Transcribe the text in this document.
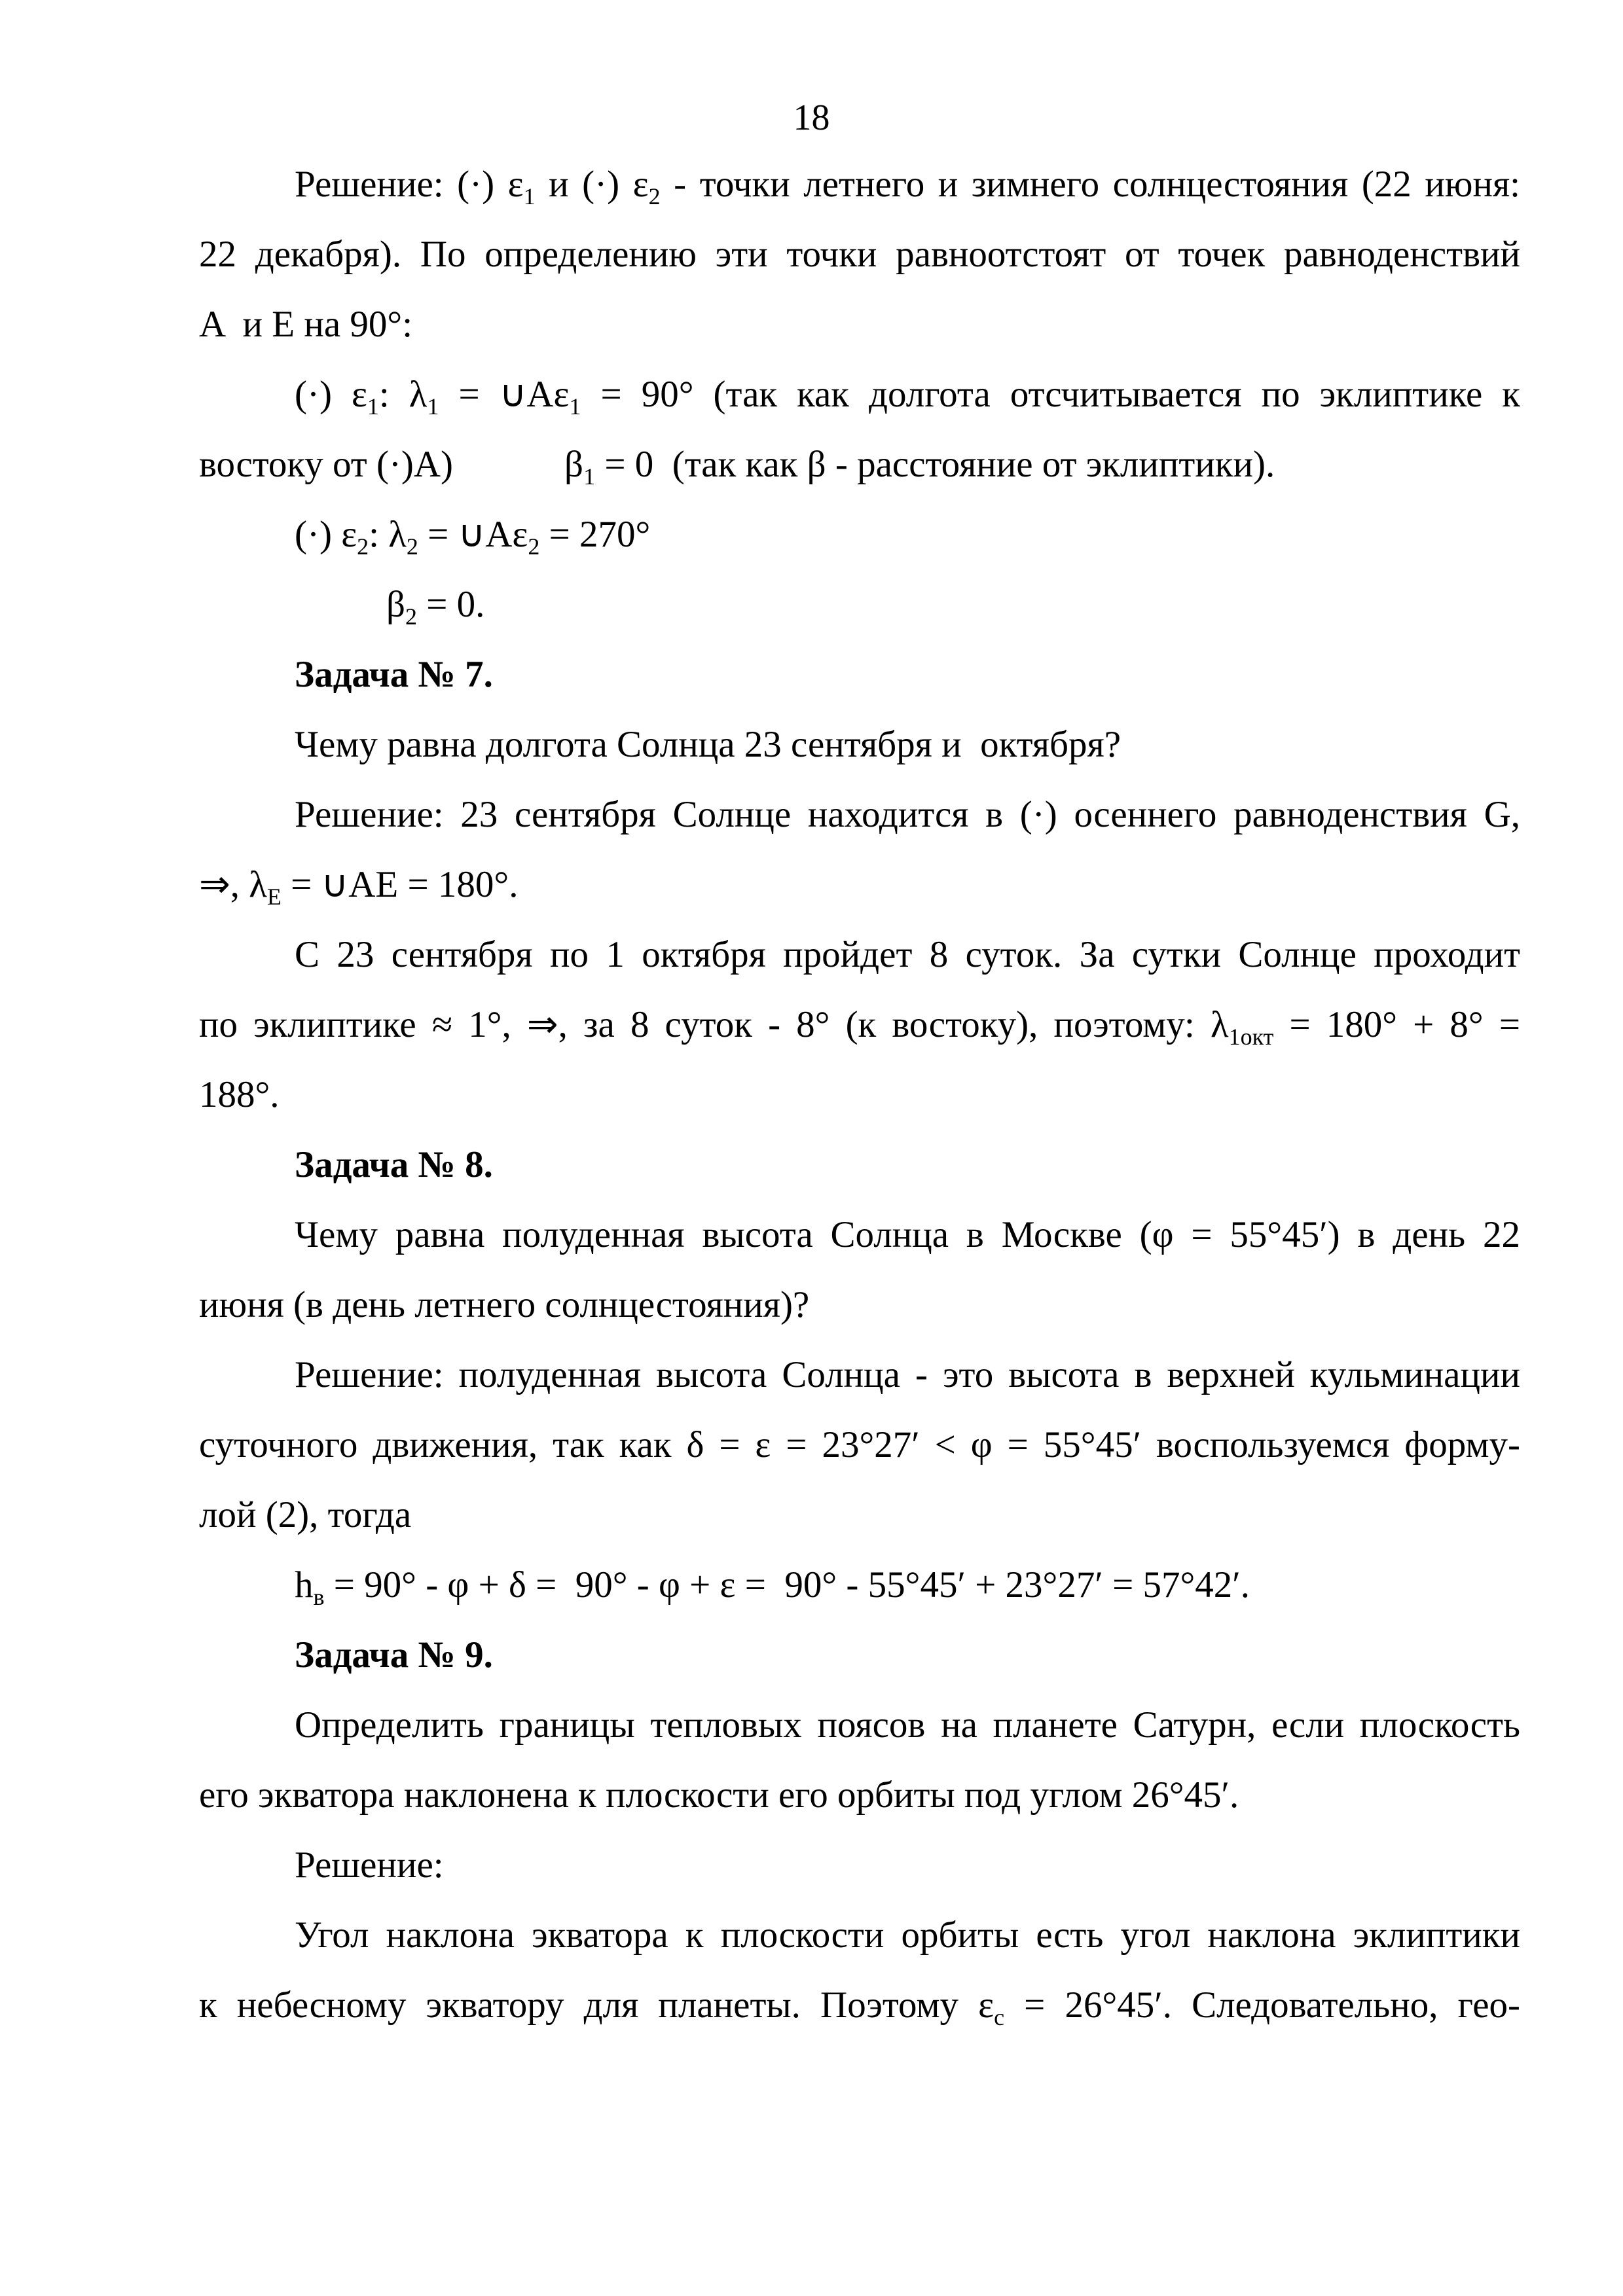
18
Решение: (·) $\varepsilon_1$ и (·) $\varepsilon_2$ - точки летнего и зимнего солнцестояния (22 июня:
22 декабря). По определению эти точки равноотстоят от точек равноденствий
A  и E на 90°:
(·) $\varepsilon_1$: $\lambda_1$ = $\cup A\varepsilon_1 = 90^\circ$ (так как долгота отсчитывается по эклиптике к
востоку от (·)A)	$\beta_1 = 0$  (так как β - расстояние от эклиптики).
(·) $\varepsilon_2$: $\lambda_2$ = $\cup A\varepsilon_2 = 270^\circ$
$\beta_2 = 0$.
Задача № 7.
Чему равна долгота Солнца 23 сентября и  октября?
Решение: 23 сентября Солнце находится в (·) осеннего равноденствия G,
⇒, $\lambda_E$ = ∪AE = 180°.
С 23 сентября по 1 октября пройдет 8 суток. За сутки Солнце проходит
по эклиптике ≈ 1°, ⇒, за 8 суток - 8° (к востоку), поэтому: $\lambda_{1окт} = 180^\circ + 8^\circ$ =
188°.
Задача № 8.
Чему равна полуденная высота Солнца в Москве (φ = 55°45′) в день 22
июня (в день летнего солнцестояния)?
Решение: полуденная высота Солнца - это высота в верхней кульминации
суточного движения, так как δ = ε = 23°27′ < φ = 55°45′ воспользуемся форму-
лой (2), тогда
$h_в = 90^\circ - \varphi + \delta = 90^\circ - \varphi + \varepsilon = 90^\circ - 55^\circ 45' + 23^\circ 27' = 57^\circ 42'$.
Задача № 9.
Определить границы тепловых поясов на планете Сатурн, если плоскость
его экватора наклонена к плоскости его орбиты под углом 26°45′.
Решение:
Угол наклона экватора к плоскости орбиты есть угол наклона эклиптики
к небесному экватору для планеты. Поэтому $\varepsilon_c = 26^\circ 45'$. Следовательно, гео-
